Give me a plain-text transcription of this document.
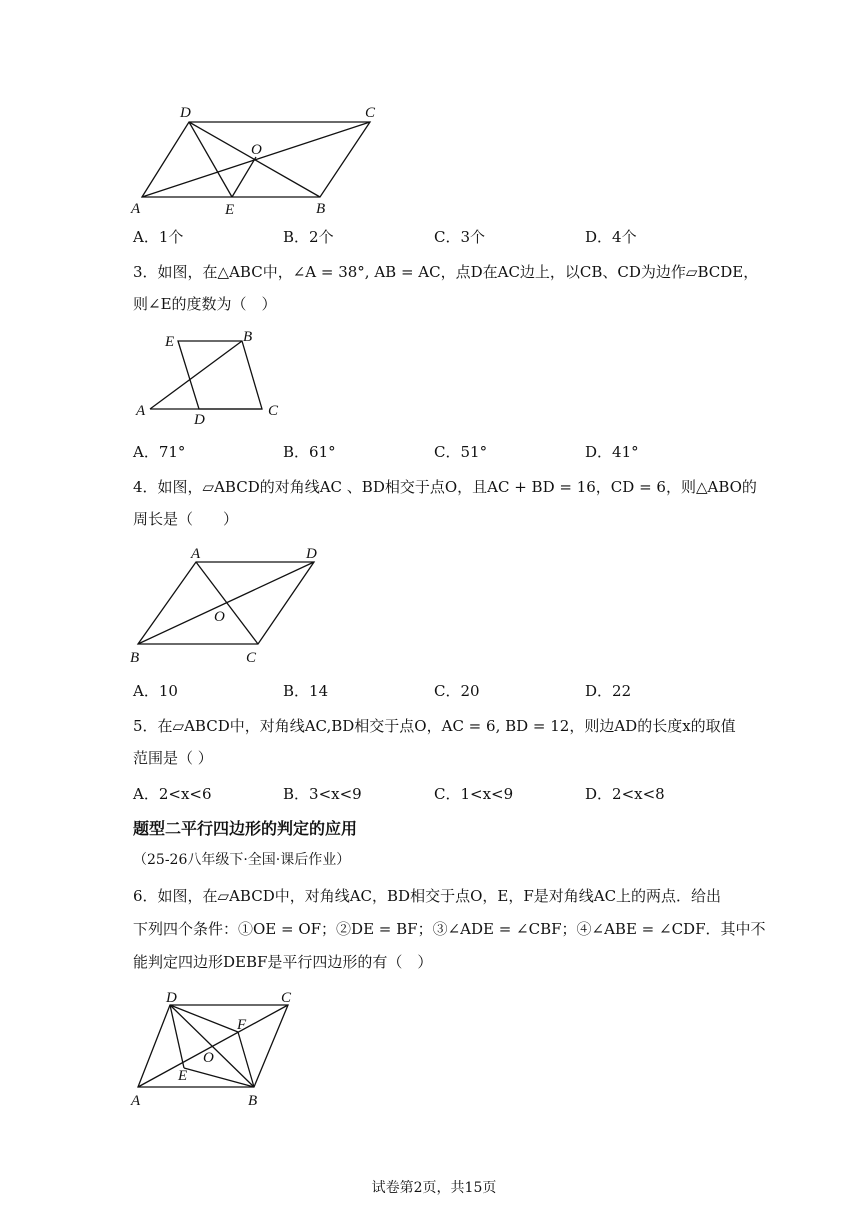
D	C
O
A	E	B
A．1个	B．2个	C．3个	D．4个
3．如图，在△ABC中，∠A = 38°, AB = AC，点D在AC边上，以CB、CD为边作▱BCDE，
则∠E的度数为（　）
E	B
A
D
C
A．71°	B．61°	C．51°	D．41°
4．如图，▱ABCD的对角线AC 、BD相交于点O，且AC + BD = 16，CD = 6，则△ABO的
周长是（　　）
A	D
O
B	C
A．10	B．14	C．20	D．22
5．在▱ABCD中，对角线AC,BD相交于点O，AC = 6, BD = 12，则边AD的长度x的取值
范围是（ ）
A．2<x<6	B．3<x<9	C．1<x<9	D．2<x<8
题型二平行四边形的判定的应用
（25-26八年级下·全国·课后作业）
6．如图，在▱ABCD中，对角线AC，BD相交于点O，E，F是对角线AC上的两点．给出
下列四个条件：①OE = OF；②DE = BF；③∠ADE = ∠CBF；④∠ABE = ∠CDF．其中不
能判定四边形DEBF是平行四边形的有（　）
D	C
F
O
E
A	B
试卷第2页，共15页
